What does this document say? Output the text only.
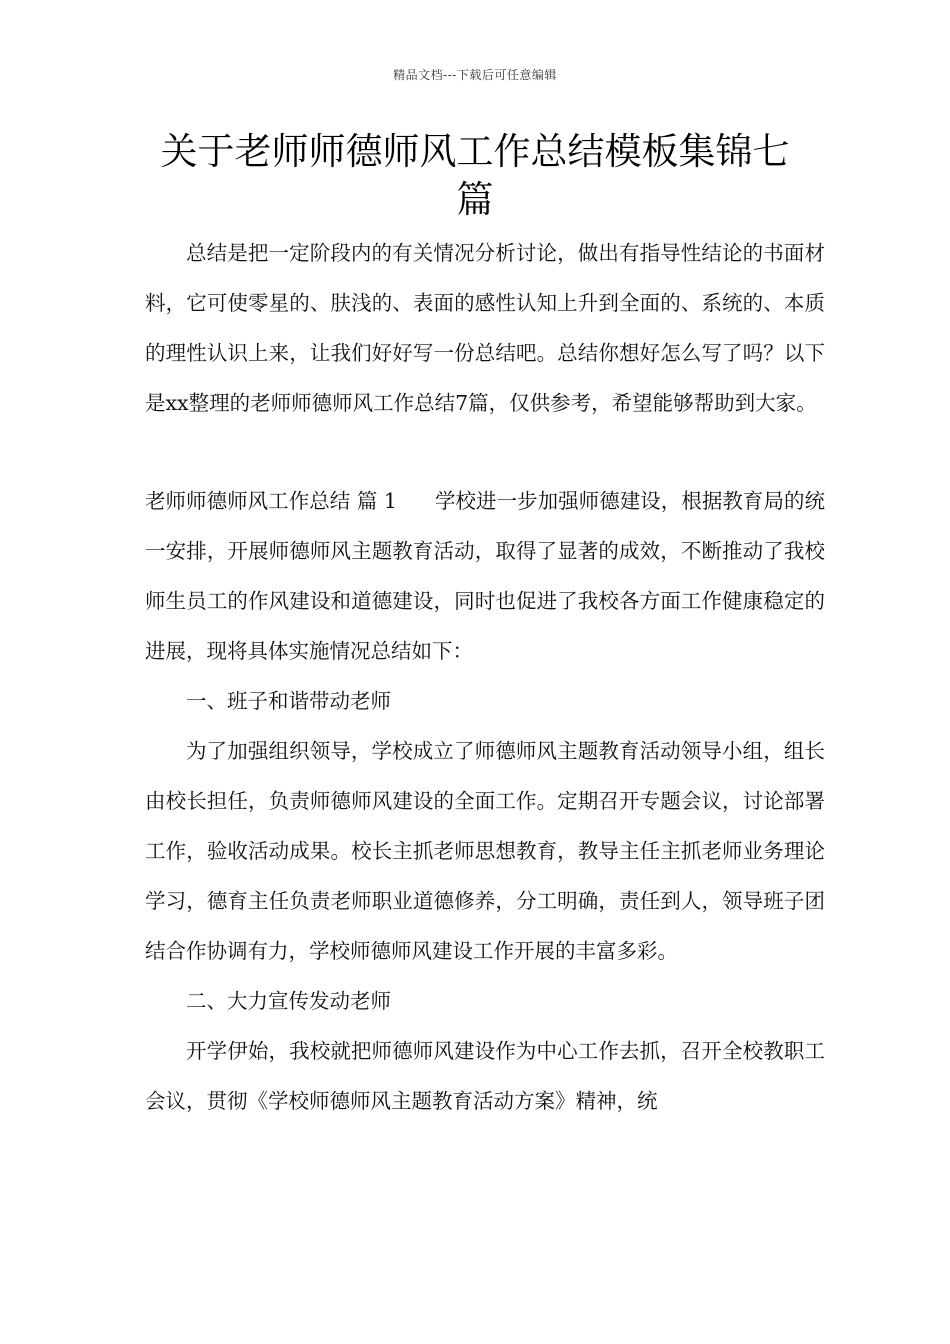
精品文档---下载后可任意编辑
关于老师师德师风工作总结模板集锦七
篇

总结是把一定阶段内的有关情况分析讨论，做出有指导性结论的书面材料，它可使零星的、肤浅的、表面的感性认知上升到全面的、系统的、本质的理性认识上来，让我们好好写一份总结吧。总结你想好怎么写了吗？以下是xx整理的老师师德师风工作总结7篇，仅供参考，希望能够帮助到大家。

老师师德师风工作总结 篇 1 学校进一步加强师德建设，根据教育局的统一安排，开展师德师风主题教育活动，取得了显著的成效，不断推动了我校师生员工的作风建设和道德建设，同时也促进了我校各方面工作健康稳定的进展，现将具体实施情况总结如下：

一、班子和谐带动老师

为了加强组织领导，学校成立了师德师风主题教育活动领导小组，组长由校长担任，负责师德师风建设的全面工作。定期召开专题会议，讨论部署工作，验收活动成果。校长主抓老师思想教育，教导主任主抓老师业务理论学习，德育主任负责老师职业道德修养，分工明确，责任到人，领导班子团结合作协调有力，学校师德师风建设工作开展的丰富多彩。

二、大力宣传发动老师

开学伊始，我校就把师德师风建设作为中心工作去抓，召开全校教职工会议，贯彻《学校师德师风主题教育活动方案》精神，统
